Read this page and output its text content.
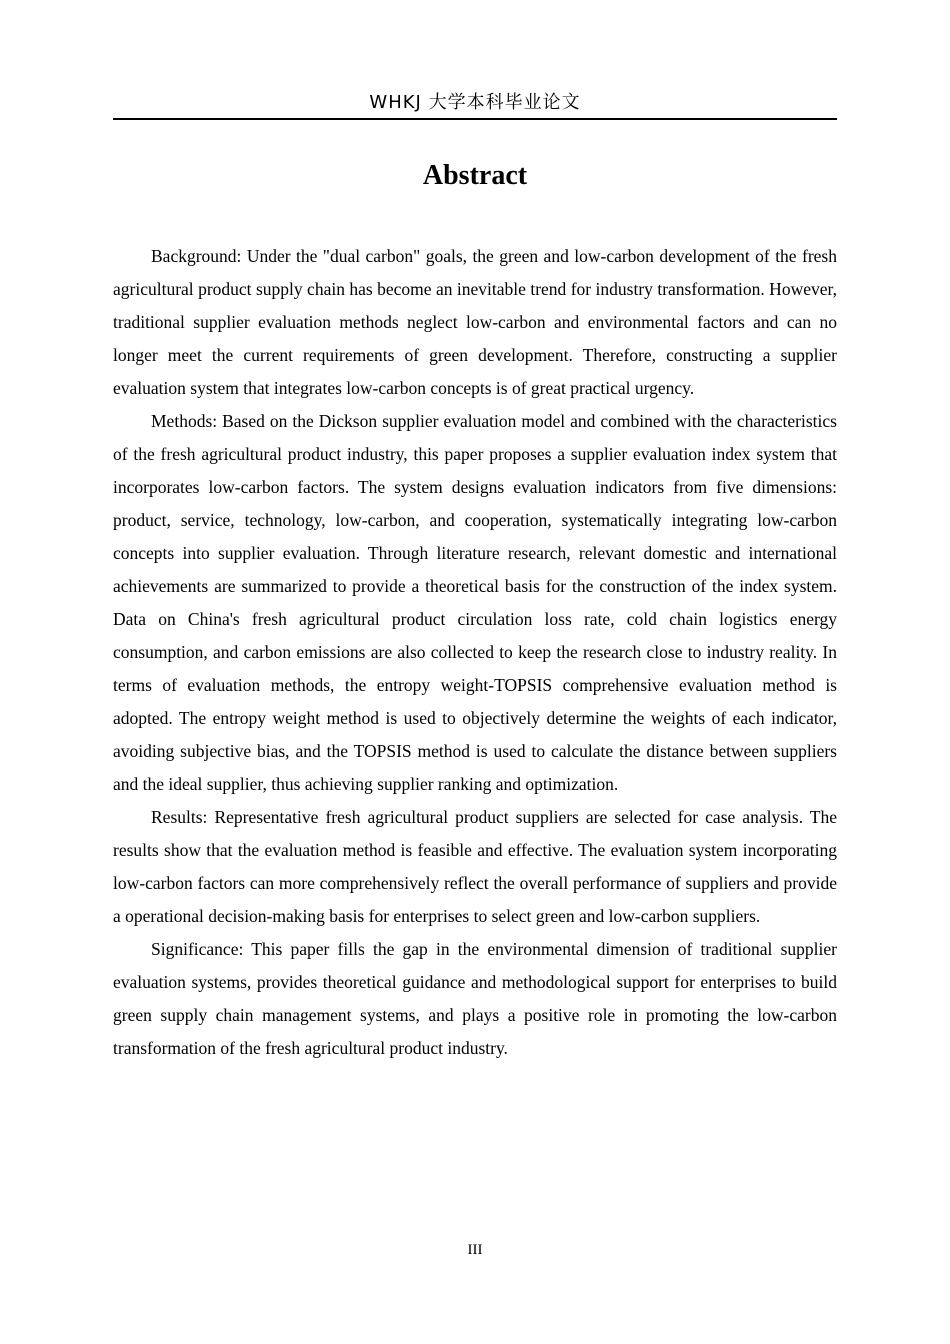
WHKJ 大学本科毕业论文
Abstract

Background: Under the "dual carbon" goals, the green and low-carbon development of the fresh agricultural product supply chain has become an inevitable trend for industry transformation. However, traditional supplier evaluation methods neglect low-carbon and environmental factors and can no longer meet the current requirements of green development. Therefore, constructing a supplier evaluation system that integrates low-carbon concepts is of great practical urgency.

Methods: Based on the Dickson supplier evaluation model and combined with the characteristics of the fresh agricultural product industry, this paper proposes a supplier evaluation index system that incorporates low-carbon factors. The system designs evaluation indicators from five dimensions: product, service, technology, low-carbon, and cooperation, systematically integrating low-carbon concepts into supplier evaluation. Through literature research, relevant domestic and international achievements are summarized to provide a theoretical basis for the construction of the index system. Data on China's fresh agricultural product circulation loss rate, cold chain logistics energy consumption, and carbon emissions are also collected to keep the research close to industry reality. In terms of evaluation methods, the entropy weight-TOPSIS comprehensive evaluation method is adopted. The entropy weight method is used to objectively determine the weights of each indicator, avoiding subjective bias, and the TOPSIS method is used to calculate the distance between suppliers and the ideal supplier, thus achieving supplier ranking and optimization.

Results: Representative fresh agricultural product suppliers are selected for case analysis. The results show that the evaluation method is feasible and effective. The evaluation system incorporating low-carbon factors can more comprehensively reflect the overall performance of suppliers and provide a operational decision-making basis for enterprises to select green and low-carbon suppliers.

Significance: This paper fills the gap in the environmental dimension of traditional supplier evaluation systems, provides theoretical guidance and methodological support for enterprises to build green supply chain management systems, and plays a positive role in promoting the low-carbon transformation of the fresh agricultural product industry.

III
